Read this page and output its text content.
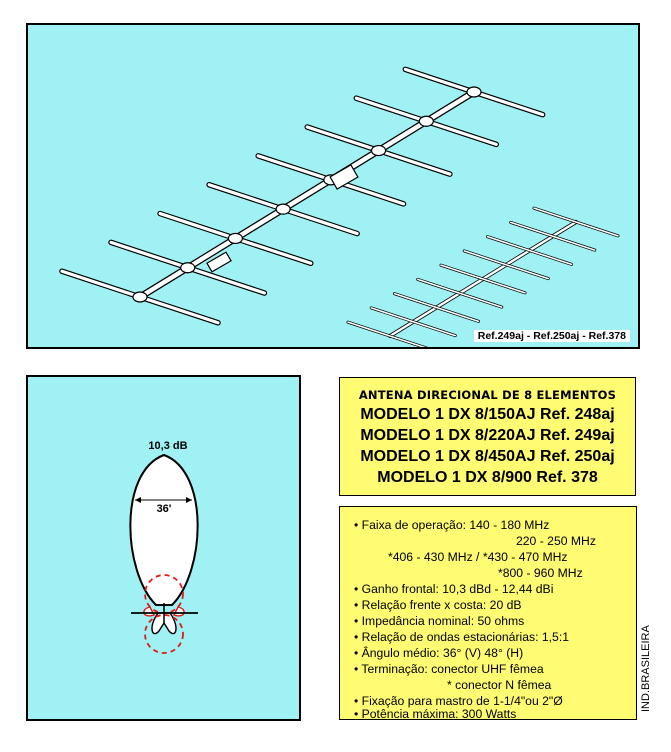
Ref.249aj - Ref.250aj - Ref.378
36'
10,3 dB
ANTENA DIRECIONAL DE 8 ELEMENTOS
MODELO 1 DX 8/150AJ Ref. 248aj
MODELO 1 DX 8/220AJ Ref. 249aj
MODELO 1 DX 8/450AJ Ref. 250aj
MODELO 1 DX 8/900 Ref. 378
• Faixa de operação: 140 - 180 MHz
220 - 250 MHz
*406 - 430 MHz / *430 - 470 MHz
*800 - 960 MHz
• Ganho frontal: 10,3 dBd - 12,44 dBi
• Relação frente x costa: 20 dB
• Impedância nominal: 50 ohms
• Relação de ondas estacionárias: 1,5:1
• Ângulo médio: 36° (V) 48° (H)
• Terminação: conector UHF fêmea
* conector N fêmea
• Fixação para mastro de 1-1/4"ou 2"Ø
• Potência máxima: 300 Watts
IND.BRASILEIRA
